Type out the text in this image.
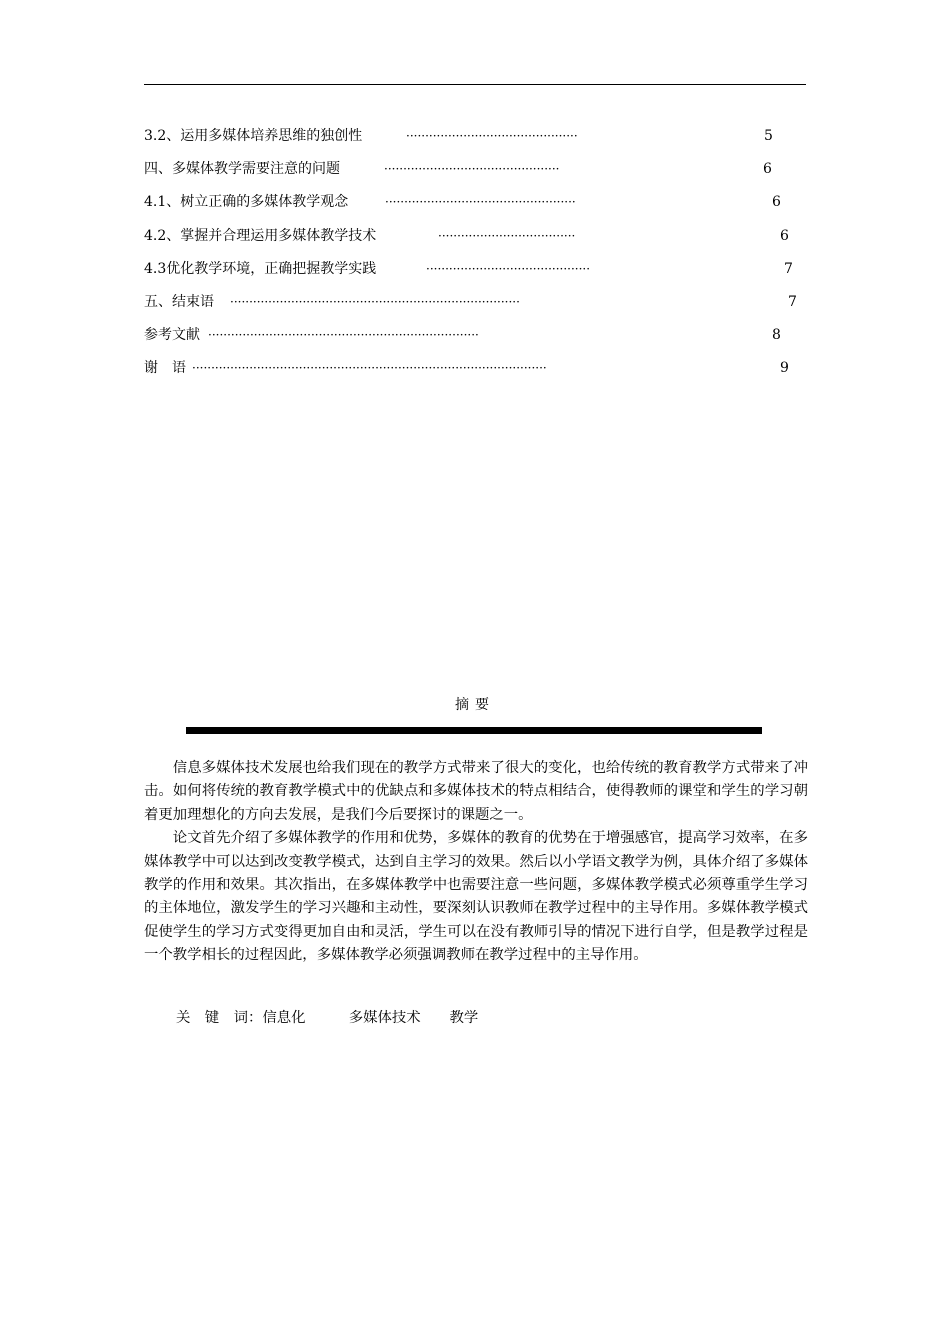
3.2、运用多媒体培养思维的独创性	·············································	5
四、多媒体教学需要注意的问题	··············································	6
4.1、树立正确的多媒体教学观念	··················································	6
4.2、掌握并合理运用多媒体教学技术	····································	6
4.3优化教学环境，正确把握教学实践	···········································	7
五、结束语 ············································································	7
参考文献 ·······································································	8
谢　语 ·····························································································	9
摘要

信息多媒体技术发展也给我们现在的教学方式带来了很大的变化，也给传统的教育教学方式带来了冲击。如何将传统的教育教学模式中的优缺点和多媒体技术的特点相结合，使得教师的课堂和学生的学习朝着更加理想化的方向去发展，是我们今后要探讨的课题之一。

论文首先介绍了多媒体教学的作用和优势，多媒体的教育的优势在于增强感官，提高学习效率，在多媒体教学中可以达到改变教学模式，达到自主学习的效果。然后以小学语文教学为例，具体介绍了多媒体教学的作用和效果。其次指出，在多媒体教学中也需要注意一些问题，多媒体教学模式必须尊重学生学习的主体地位，激发学生的学习兴趣和主动性，要深刻认识教师在教学过程中的主导作用。多媒体教学模式促使学生的学习方式变得更加自由和灵活，学生可以在没有教师引导的情况下进行自学，但是教学过程是一个教学相长的过程因此，多媒体教学必须强调教师在教学过程中的主导作用。

关　键　词：信息化　　　多媒体技术　　教学
